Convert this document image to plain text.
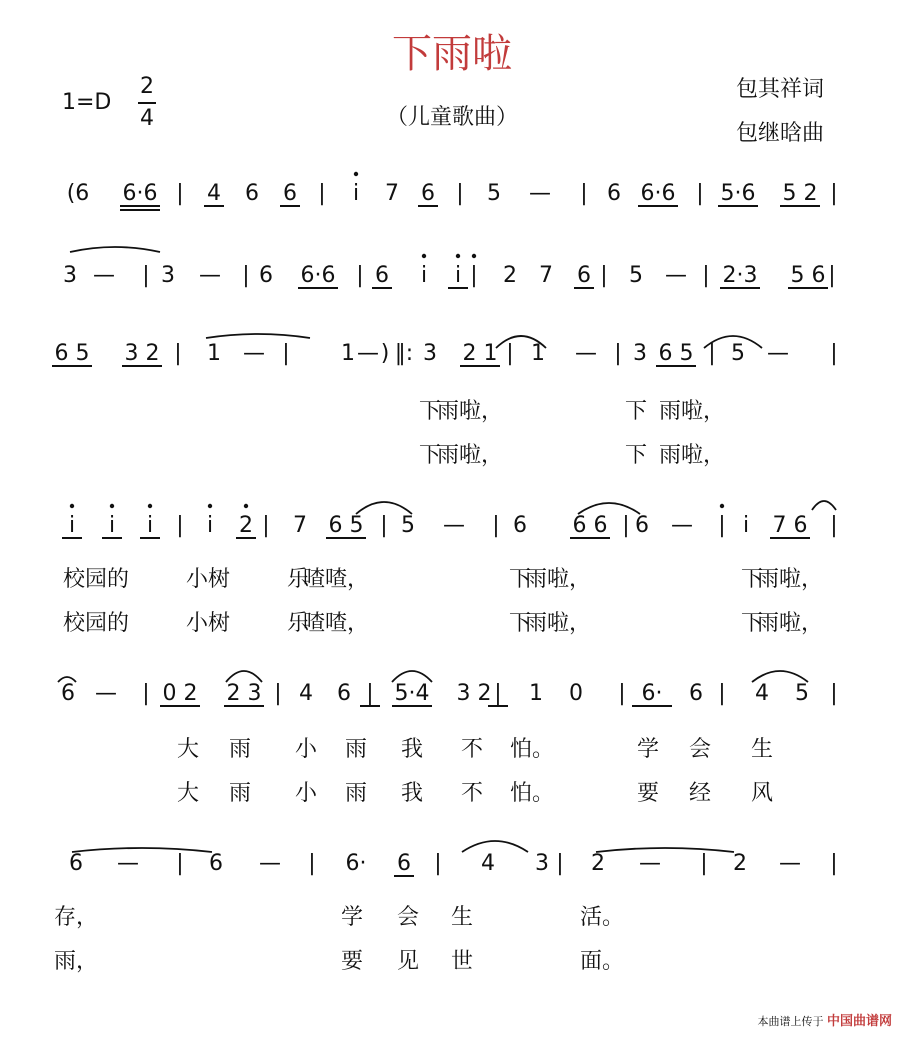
下雨啦
1=D
2
4	（儿童歌曲）
包其祥词
包继晗曲
(6 6·6 | 4 6 6 | i 7 6 | 5 — | 6 6·6 | 5·6 5 2 |
3 — | 3 — | 6 6·6 | 6 i i | 2 7 6 | 5 — | 2·3 5 6 |
6 5 3 2 | 1 — | 1 — ) ‖: 3 2 1 | 1 — | 3 6 5 | 5 — |
i i i | i 2 | 7 6 5 | 5 — | 6 6 6 | 6 — | i 7 6 |
6 — | 0 2 2 3 | 4 6 | 5·4 3 2 | 1 0 | 6· 6 | 4 5 |
6 — | 6 — | 6· 6 | 4 3 | 2 — | 2 — |
下
雨啦，	下 雨啦，
下
雨啦，	下 雨啦，
校园的	小树	乐
喳喳，	下
雨啦，	下
雨啦，
校园的	小树	乐
喳喳，	下
雨啦，	下
雨啦，
大 雨 小 雨 我 不 怕。	学 会 生
大 雨 小 雨 我 不 怕。	要 经 风
存，	学 会 生	活。
雨，	要 见 世	面。
本曲谱上传于 中国曲谱网
